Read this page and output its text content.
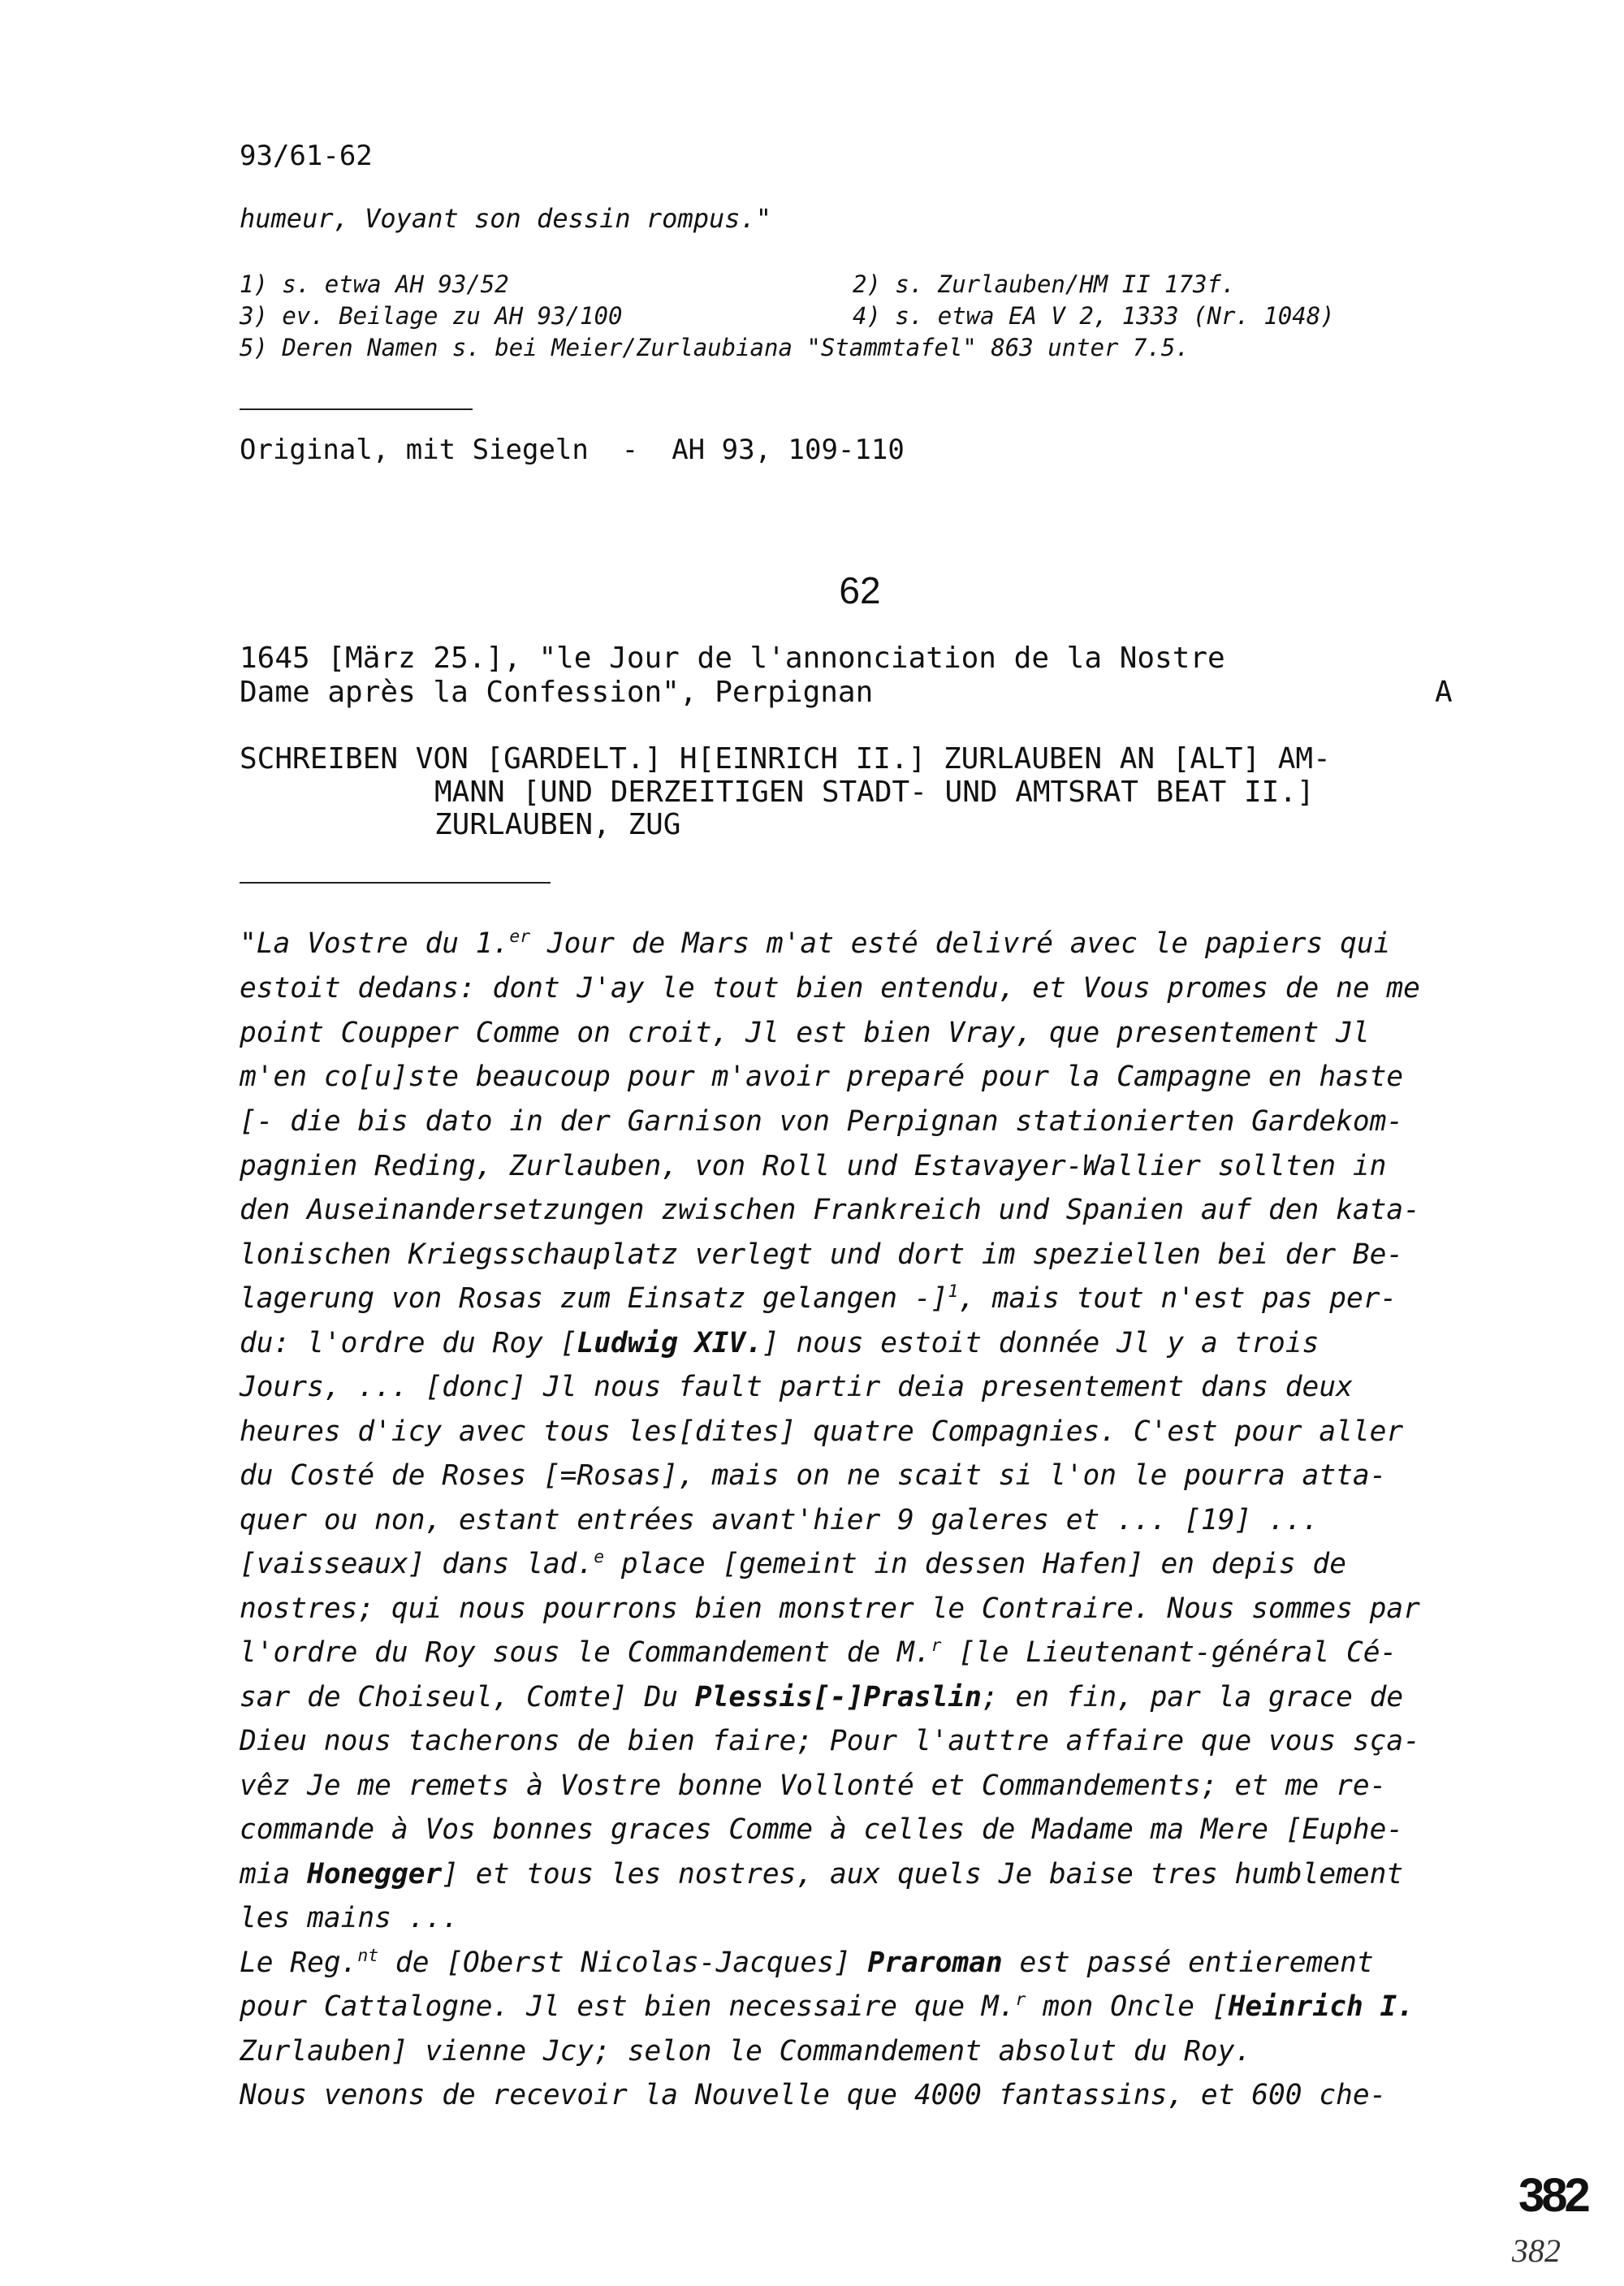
93/61-62
humeur, Voyant son dessin rompus."
1) s. etwa AH 93/52	2) s. Zurlauben/HM II 173f.
3) ev. Beilage zu AH 93/100	4) s. etwa EA V 2, 1333 (Nr. 1048)
5) Deren Namen s. bei Meier/Zurlaubiana "Stammtafel" 863 unter 7.5.
Original, mit Siegeln  -  AH 93, 109-110
62
1645 [März 25.], "le Jour de l'annonciation de la Nostre
Dame après la Confession", Perpignan	A
SCHREIBEN VON [GARDELT.] H[EINRICH II.] ZURLAUBEN AN [ALT] AM-
MANN [UND DERZEITIGEN STADT- UND AMTSRAT BEAT II.]
ZURLAUBEN, ZUG
"La Vostre du 1.$^{er}$ Jour de Mars m'at esté delivré avec le papiers qui
estoit dedans: dont J'ay le tout bien entendu, et Vous promes de ne me
point Coupper Comme on croit, Jl est bien Vray, que presentement Jl
m'en co[u]ste beaucoup pour m'avoir preparé pour la Campagne en haste
[- die bis dato in der Garnison von Perpignan stationierten Gardekom-
pagnien Reding, Zurlauben, von Roll und Estavayer-Wallier sollten in
den Auseinandersetzungen zwischen Frankreich und Spanien auf den kata-
lonischen Kriegsschauplatz verlegt und dort im speziellen bei der Be-
lagerung von Rosas zum Einsatz gelangen -]$^1$, mais tout n'est pas per-
du: l'ordre du Roy [Ludwig XIV.] nous estoit donnée Jl y a trois
Jours, ... [donc] Jl nous fault partir deia presentement dans deux
heures d'icy avec tous les[dites] quatre Compagnies. C'est pour aller
du Costé de Roses [=Rosas], mais on ne scait si l'on le pourra atta-
quer ou non, estant entrées avant'hier 9 galeres et ... [19] ...
[vaisseaux] dans lad.$^e$ place [gemeint in dessen Hafen] en depis de
nostres; qui nous pourrons bien monstrer le Contraire. Nous sommes par
l'ordre du Roy sous le Commandement de M.$^r$ [le Lieutenant-général Cé-
sar de Choiseul, Comte] Du Plessis[-]Praslin; en fin, par la grace de
Dieu nous tacherons de bien faire; Pour l'auttre affaire que vous sça-
vêz Je me remets à Vostre bonne Vollonté et Commandements; et me re-
commande à Vos bonnes graces Comme à celles de Madame ma Mere [Euphe-
mia Honegger] et tous les nostres, aux quels Je baise tres humblement
les mains ...
Le Reg.$^{nt}$ de [Oberst Nicolas-Jacques] Praroman est passé entierement
pour Cattalogne. Jl est bien necessaire que M.$^r$ mon Oncle [Heinrich I.
Zurlauben] vienne Jcy; selon le Commandement absolut du Roy.
Nous venons de recevoir la Nouvelle que 4000 fantassins, et 600 che-
382
382
